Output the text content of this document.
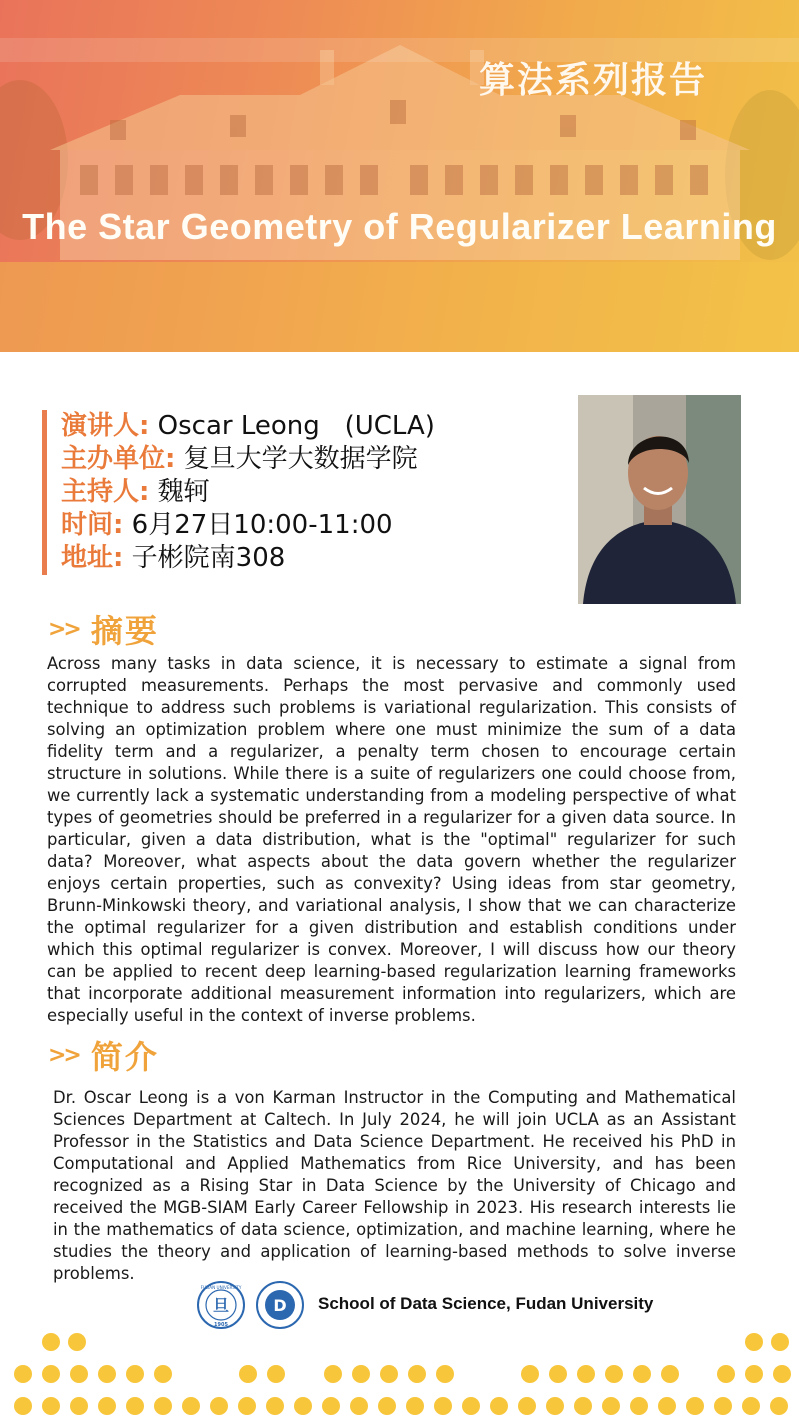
算法系列报告
The Star Geometry of Regularizer Learning
演讲人: Oscar Leong   (UCLA)
主办单位: 复旦大学大数据学院
主持人: 魏轲
时间: 6月27日10:00-11:00
地址: 子彬院南308
>> 摘要
Across many tasks in data science, it is necessary to estimate a signal from corrupted measurements. Perhaps the most pervasive and commonly used technique to address such problems is variational regularization. This consists of solving an optimization problem where one must minimize the sum of a data fidelity term and a regularizer, a penalty term chosen to encourage certain structure in solutions. While there is a suite of regularizers one could choose from, we currently lack a systematic understanding from a modeling perspective of what types of geometries should be preferred in a regularizer for a given data source. In particular, given a data distribution, what is the "optimal" regularizer for such data? Moreover, what aspects about the data govern whether the regularizer enjoys certain properties, such as convexity? Using ideas from star geometry, Brunn-Minkowski theory, and variational analysis, I show that we can characterize the optimal regularizer for a given distribution and establish conditions under which this optimal regularizer is convex. Moreover, I will discuss how our theory can be applied to recent deep learning-based regularization learning frameworks that incorporate additional measurement information into regularizers, which are especially useful in the context of inverse problems.
>> 简介
Dr. Oscar Leong is a von Karman Instructor in the Computing and Mathematical Sciences Department at Caltech. In July 2024, he will join UCLA as an Assistant Professor in the Statistics and Data Science Department. He received his PhD in Computational and Applied Mathematics from Rice University, and has been recognized as a Rising Star in Data Science by the University of Chicago and received the MGB-SIAM Early Career Fellowship in 2023. His research interests lie in the mathematics of data science, optimization, and machine learning, where he studies the theory and application of learning-based methods to solve inverse problems.
旦
FUDAN UNIVERSITY
1905
D School of Data Science, Fudan University
